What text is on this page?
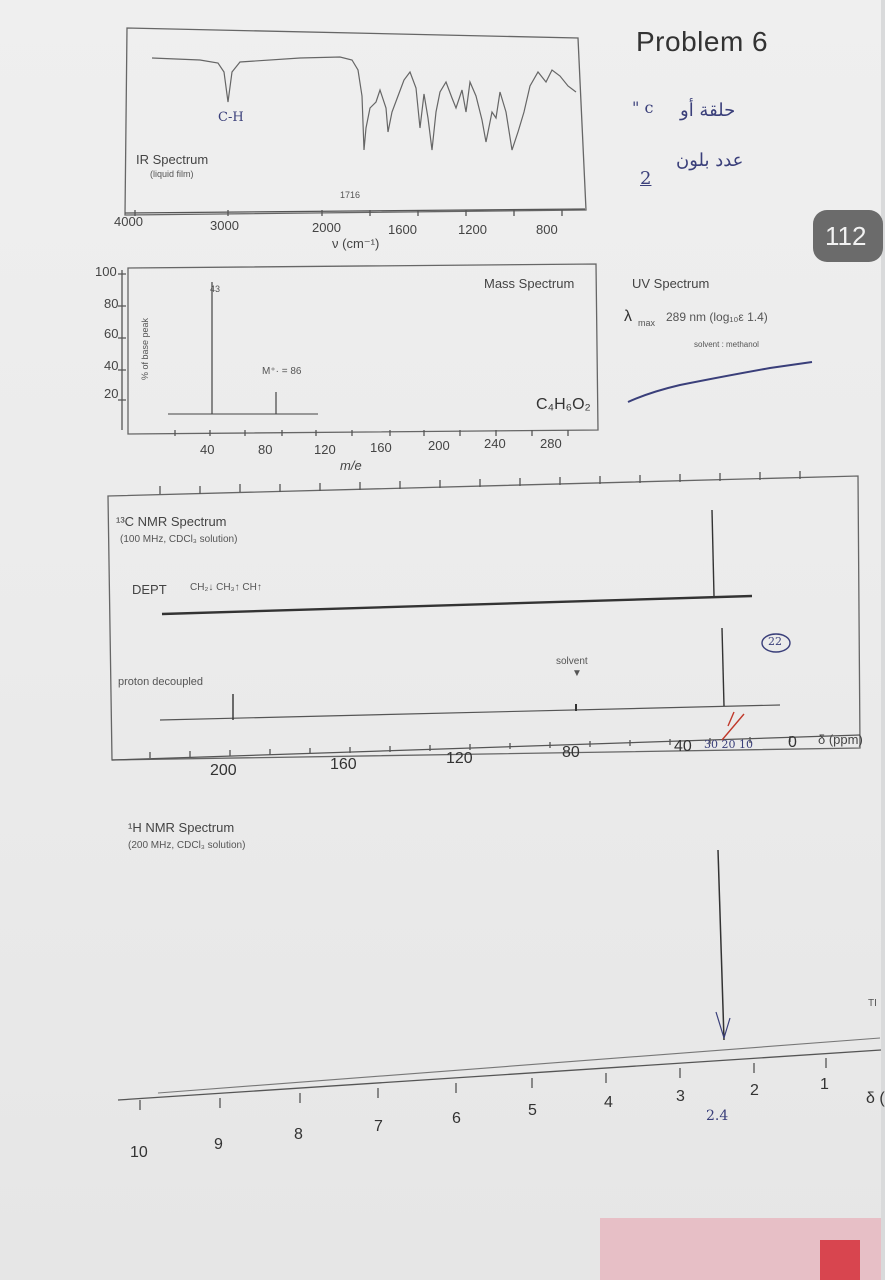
Problem 6
حلقة أو
" c
عدد بلون
2
112
C-H
IR Spectrum
(liquid film)
1716
4000	3000	2000	1600	1200	800
ν (cm⁻¹)
100
80
60
40
20
% of base peak
43
M⁺· = 86
Mass Spectrum
C₄H₆O₂
40	80	120	160	200	240	280
m/e
UV Spectrum
λ max 289 nm (log₁₀ε 1.4)
solvent : methanol
¹³C NMR Spectrum
(100 MHz, CDCl₃ solution)
DEPT CH₂↓ CH₃↑ CH↑
proton decoupled
solvent
▼
22
200	160	120	80	40 30 20 10 0 δ (ppm)
¹H NMR Spectrum
(200 MHz, CDCl₃ solution)
TI
10	9
8	7	6	5	4	3
2.4
2	1
δ (
